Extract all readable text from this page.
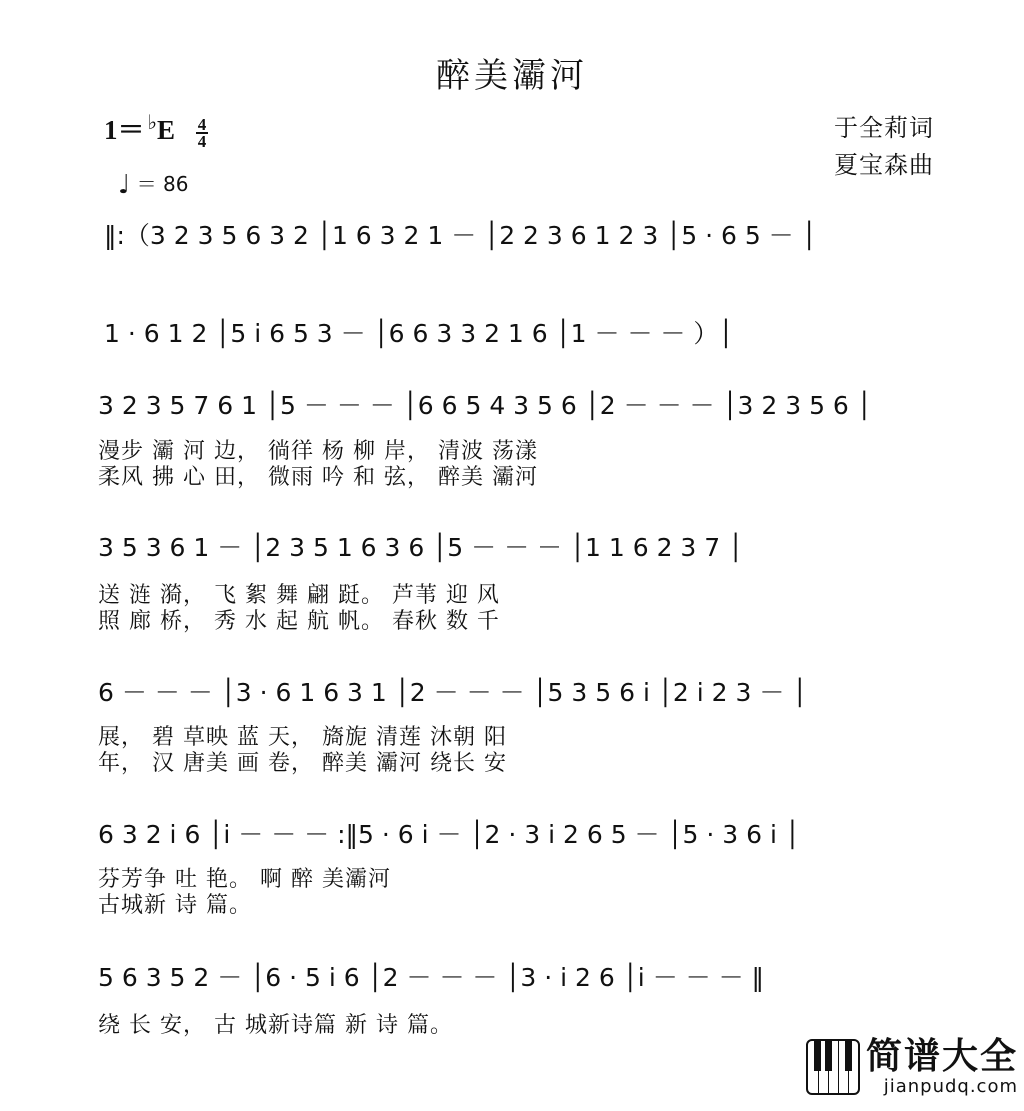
醉美灞河
$1= ^♭E \frac{4}{4}$
♩ ＝ 86
于全莉词
夏宝森曲
‖:（3 2 3 5 6 3 2 │1 6 3 2 1 － │2 2 3 6 1 2 3 │5 · 6 5 － │
1 · 6 1 2 │5 i 6 5 3 － │6 6 3 3 2 1 6 │1 － － － ）│
3 2 3 5 7 6 1 │5 － － － │6 6 5 4 3 5 6 │2 － － － │3 2 3 5 6 │
漫步 灞 河 边， 徜徉 杨 柳 岸， 清波 荡漾
柔风 拂 心 田， 微雨 吟 和 弦， 醉美 灞河
3 5 3 6 1 － │2 3 5 1 6 3 6 │5 － － － │1 1 6 2 3 7 │
送 涟 漪， 飞 絮 舞 翩 跹。 芦苇 迎 风
照 廊 桥， 秀 水 起 航 帆。 春秋 数 千
6 － － － │3 · 6 1 6 3 1 │2 － － － │5 3 5 6 i │2 i 2 3 － │
展， 碧 草映 蓝 天， 旖旎 清莲 沐朝 阳
年， 汉 唐美 画 卷， 醉美 灞河 绕长 安
6 3 2 i 6 │i － － － :‖5 · 6 i － │2 · 3 i 2 6 5 － │5 · 3 6 i │
芬芳争 吐 艳。 啊 醉 美灞河
古城新 诗 篇。
5 6 3 5 2 － │6 · 5 i 6 │2 － － － │3 · i 2 6 │i － － － ‖
绕 长 安， 古 城新诗篇 新 诗 篇。
简谱大全
jianpudq.com
